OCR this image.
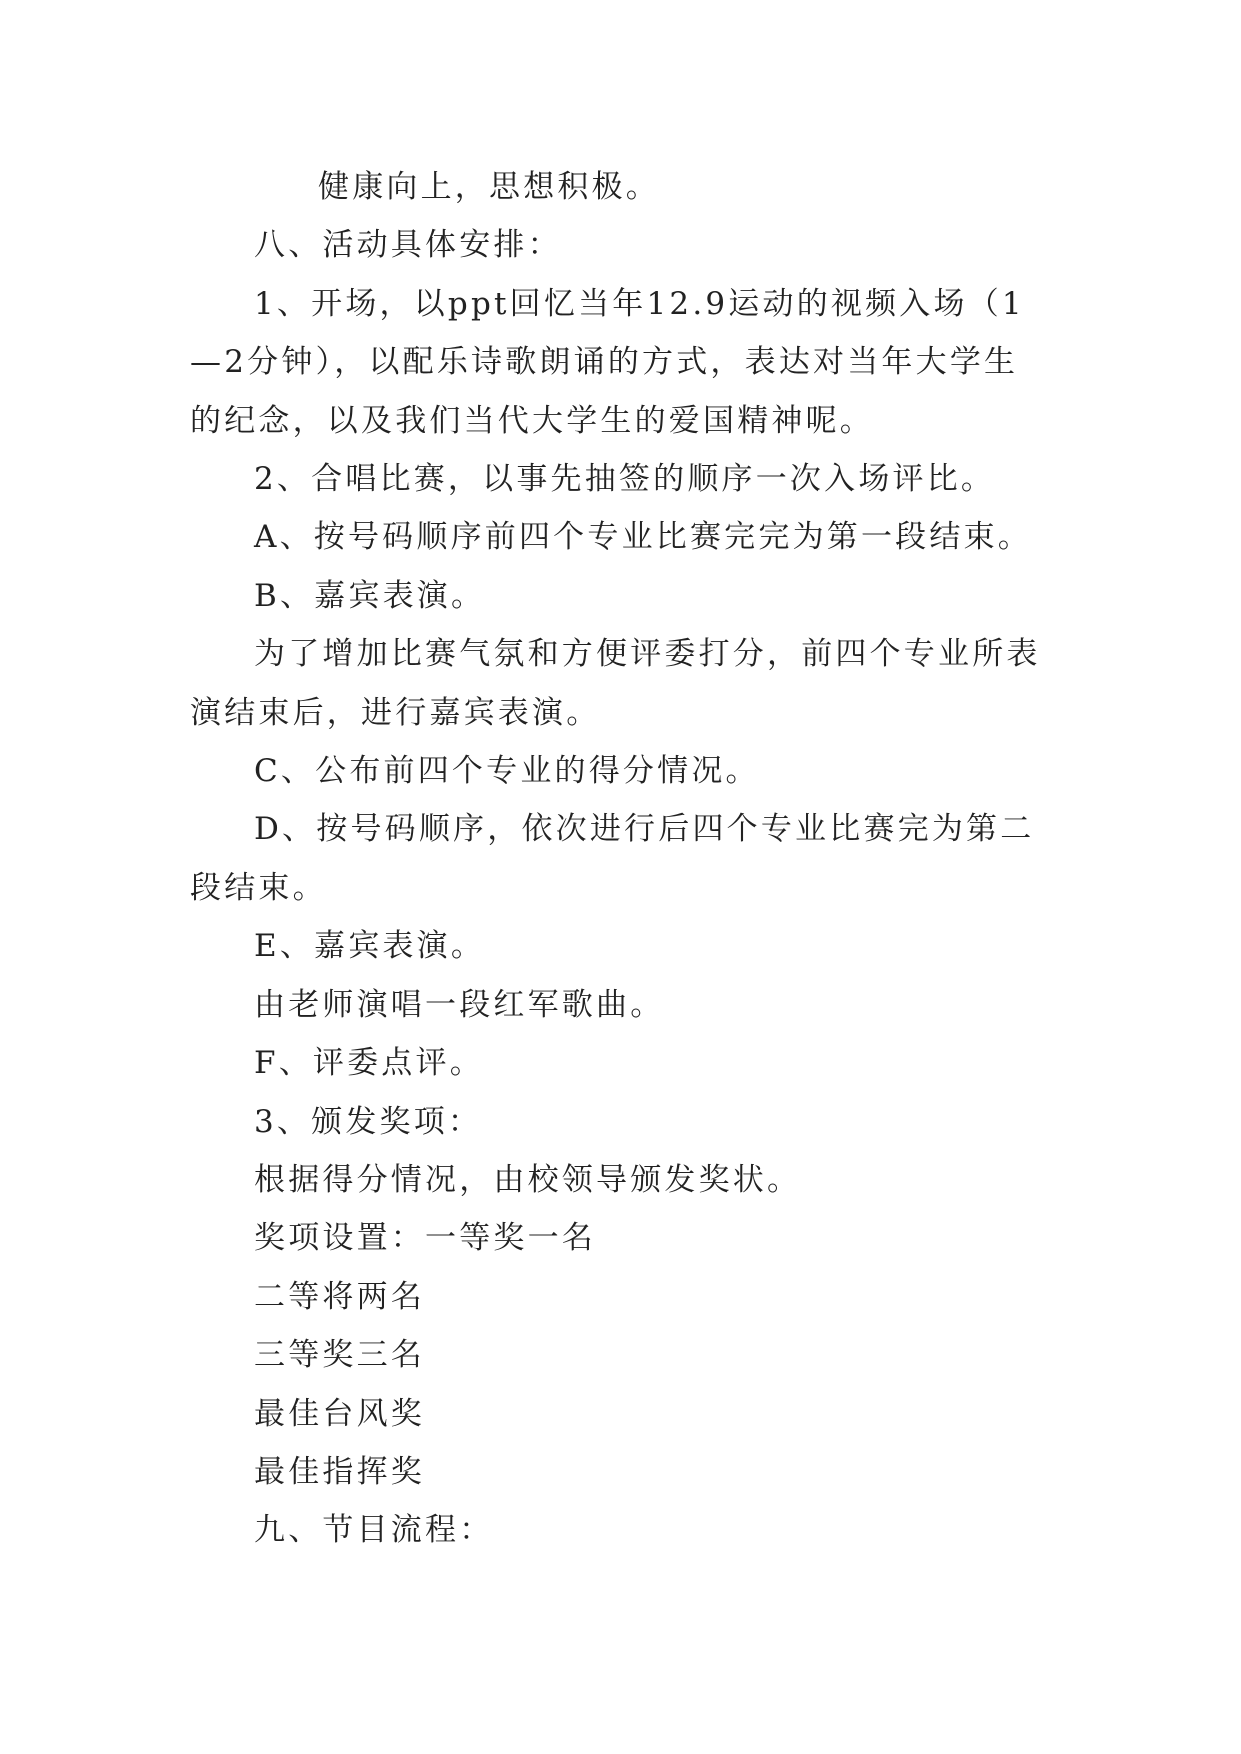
健康向上，思想积极。

八、活动具体安排：

1、开场，以ppt回忆当年12.9运动的视频入场（1—2分钟），以配乐诗歌朗诵的方式，表达对当年大学生的纪念，以及我们当代大学生的爱国精神呢。

2、合唱比赛，以事先抽签的顺序一次入场评比。

A、按号码顺序前四个专业比赛完完为第一段结束。

B、嘉宾表演。

为了增加比赛气氛和方便评委打分，前四个专业所表演结束后，进行嘉宾表演。

C、公布前四个专业的得分情况。

D、按号码顺序，依次进行后四个专业比赛完为第二段结束。

E、嘉宾表演。

由老师演唱一段红军歌曲。

F、评委点评。

3、颁发奖项：

根据得分情况，由校领导颁发奖状。

奖项设置：一等奖一名

二等将两名

三等奖三名

最佳台风奖

最佳指挥奖

九、节目流程：
